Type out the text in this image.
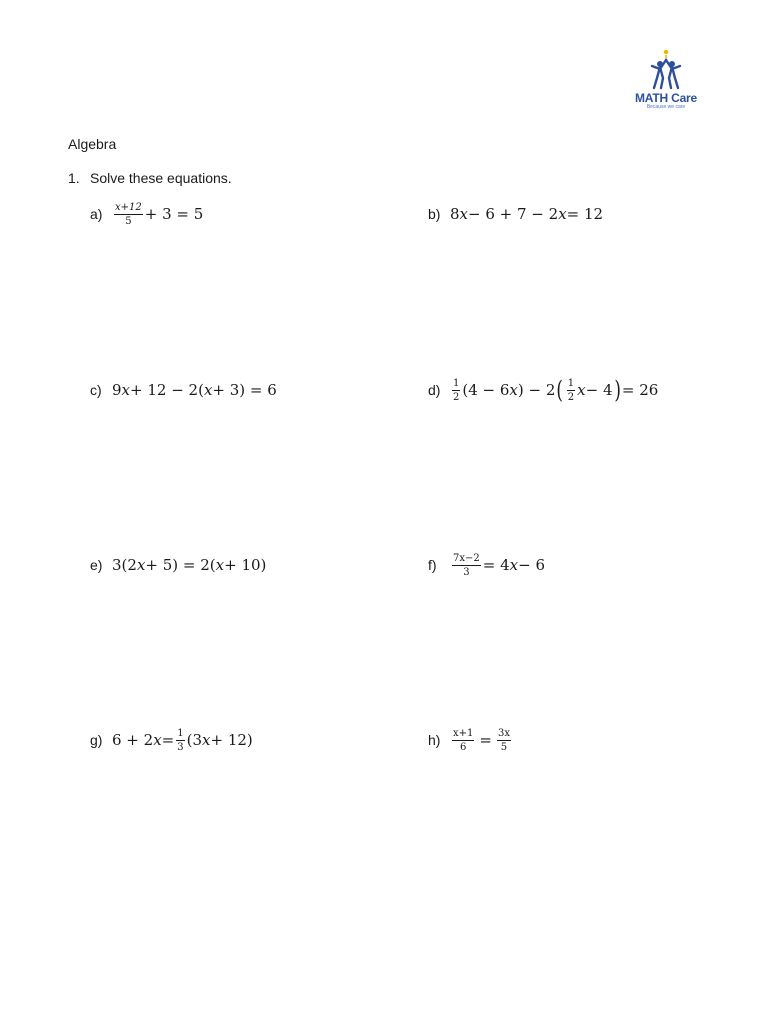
MATH Care
Because we care
Algebra
1. Solve these equations.
a)	$\frac{x+12}{5} + 3 = 5$	b) 8 x − 6 + 7 − 2 x = 12
c) 9 x + 12 − 2( x + 3) = 6	d)	$\frac{1}{2} (4 - 6$ x ) − 2 ( $\frac{1}{2}$ x − 4 ) = 26
e) 3(2 x + 5) = 2( x + 10)	f)	$\frac{7x-2}{3} = 4$ x − 6
g) 6 + 2 $x = \frac{1}{3} (3$ x + 12)	h)	$\frac{x+1}{6} = \frac{3x}{5}$
